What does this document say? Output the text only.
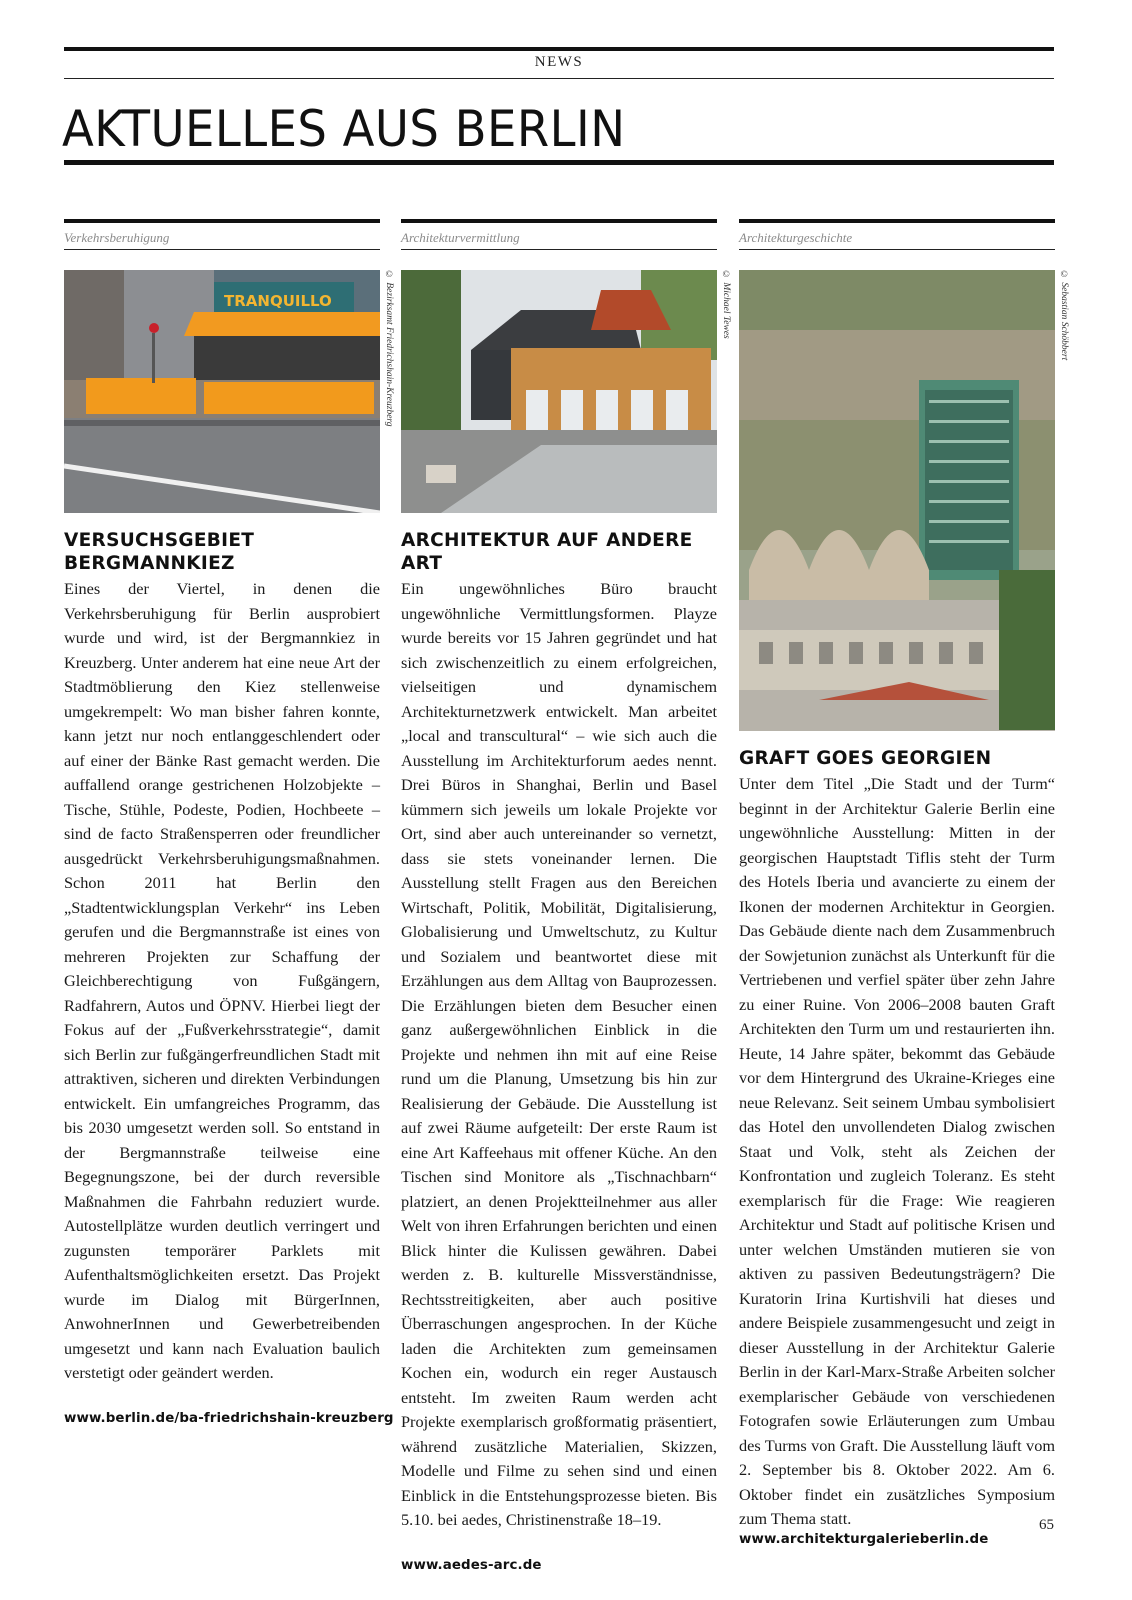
NEWS
AKTUELLES AUS BERLIN
Verkehrsberuhigung
TRANQUILLO	© Bezirksamt Friedrichshain-Kreuzberg
VERSUCHSGEBIET BERGMANNKIEZ

Eines der Viertel, in denen die Verkehrsberuhigung für Berlin ausprobiert wurde und wird, ist der Bergmannkiez in Kreuzberg. Unter anderem hat eine neue Art der Stadtmöblierung den Kiez stellenweise umgekrempelt: Wo man bisher fahren konnte, kann jetzt nur noch entlanggeschlendert oder auf einer der Bänke Rast gemacht werden. Die auffallend orange gestrichenen Holzobjekte – Tische, Stühle, Podeste, Podien, Hochbeete – sind de facto Straßensperren oder freundlicher ausgedrückt Verkehrsberuhigungsmaßnahmen. Schon 2011 hat Berlin den „Stadtentwicklungsplan Verkehr“ ins Leben gerufen und die Bergmannstraße ist eines von mehreren Projekten zur Schaffung der Gleichberechtigung von Fußgängern, Radfahrern, Autos und ÖPNV. Hierbei liegt der Fokus auf der „Fußverkehrsstrategie“, damit sich Berlin zur fußgängerfreundlichen Stadt mit attraktiven, sicheren und direkten Verbindungen entwickelt. Ein umfangreiches Programm, das bis 2030 umgesetzt werden soll. So entstand in der Bergmannstraße teilweise eine Begegnungszone, bei der durch reversible Maßnahmen die Fahrbahn reduziert wurde. Autostellplätze wurden deutlich verringert und zugunsten temporärer Parklets mit Aufenthaltsmöglichkeiten ersetzt. Das Projekt wurde im Dialog mit BürgerInnen, AnwohnerInnen und Gewerbetreibenden umgesetzt und kann nach Evaluation baulich verstetigt oder geändert werden.

www.berlin.de/ba-friedrichshain-kreuzberg
Architekturvermittlung
© Michael Tewes
ARCHITEKTUR AUF ANDERE ART

Ein ungewöhnliches Büro braucht ungewöhnliche Vermittlungsformen. Playze wurde bereits vor 15 Jahren gegründet und hat sich zwischenzeitlich zu einem erfolgreichen, vielseitigen und dynamischem Architekturnetzwerk entwickelt. Man arbeitet „local and transcultural“ – wie sich auch die Ausstellung im Architekturforum aedes nennt. Drei Büros in Shanghai, Berlin und Basel kümmern sich jeweils um lokale Projekte vor Ort, sind aber auch untereinander so vernetzt, dass sie stets voneinander lernen. Die Ausstellung stellt Fragen aus den Bereichen Wirtschaft, Politik, Mobilität, Digitalisierung, Globalisierung und Umweltschutz, zu Kultur und Sozialem und beantwortet diese mit Erzählungen aus dem Alltag von Bauprozessen. Die Erzählungen bieten dem Besucher einen ganz außergewöhnlichen Einblick in die Projekte und nehmen ihn mit auf eine Reise rund um die Planung, Umsetzung bis hin zur Realisierung der Gebäude. Die Ausstellung ist auf zwei Räume aufgeteilt: Der erste Raum ist eine Art Kaffeehaus mit offener Küche. An den Tischen sind Monitore als „Tischnachbarn“ platziert, an denen Projektteilnehmer aus aller Welt von ihren Erfahrungen berichten und einen Blick hinter die Kulissen gewähren. Dabei werden z. B. kulturelle Missverständnisse, Rechtsstreitigkeiten, aber auch positive Überraschungen angesprochen. In der Küche laden die Architekten zum gemeinsamen Kochen ein, wodurch ein reger Austausch entsteht. Im zweiten Raum werden acht Projekte exemplarisch großformatig präsentiert, während zusätzliche Materialien, Skizzen, Modelle und Filme zu sehen sind und einen Einblick in die Entstehungsprozesse bieten. Bis 5.10. bei aedes, Christinenstraße 18–19.

www.aedes-arc.de
Architekturgeschichte
© Sebastian Schöbbert
GRAFT GOES GEORGIEN

Unter dem Titel „Die Stadt und der Turm“ beginnt in der Architektur Galerie Berlin eine ungewöhnliche Ausstellung: Mitten in der georgischen Hauptstadt Tiflis steht der Turm des Hotels Iberia und avancierte zu einem der Ikonen der modernen Architektur in Georgien. Das Gebäude diente nach dem Zusammenbruch der Sowjetunion zunächst als Unterkunft für die Vertriebenen und verfiel später über zehn Jahre zu einer Ruine. Von 2006–2008 bauten Graft Architekten den Turm um und restaurierten ihn. Heute, 14 Jahre später, bekommt das Gebäude vor dem Hintergrund des Ukraine-Krieges eine neue Relevanz. Seit seinem Umbau symbolisiert das Hotel den unvollendeten Dialog zwischen Staat und Volk, steht als Zeichen der Konfrontation und zugleich Toleranz. Es steht exemplarisch für die Frage: Wie reagieren Architektur und Stadt auf politische Krisen und unter welchen Umständen mutieren sie von aktiven zu passiven Bedeutungsträgern? Die Kuratorin Irina Kurtishvili hat dieses und andere Beispiele zusammengesucht und zeigt in dieser Ausstellung in der Architektur Galerie Berlin in der Karl-Marx-Straße Arbeiten solcher exemplarischer Gebäude von verschiedenen Fotografen sowie Erläuterungen zum Umbau des Turms von Graft. Die Ausstellung läuft vom 2. September bis 8. Oktober 2022. Am 6. Oktober findet ein zusätzliches Symposium zum Thema statt.

www.architekturgalerieberlin.de
65
